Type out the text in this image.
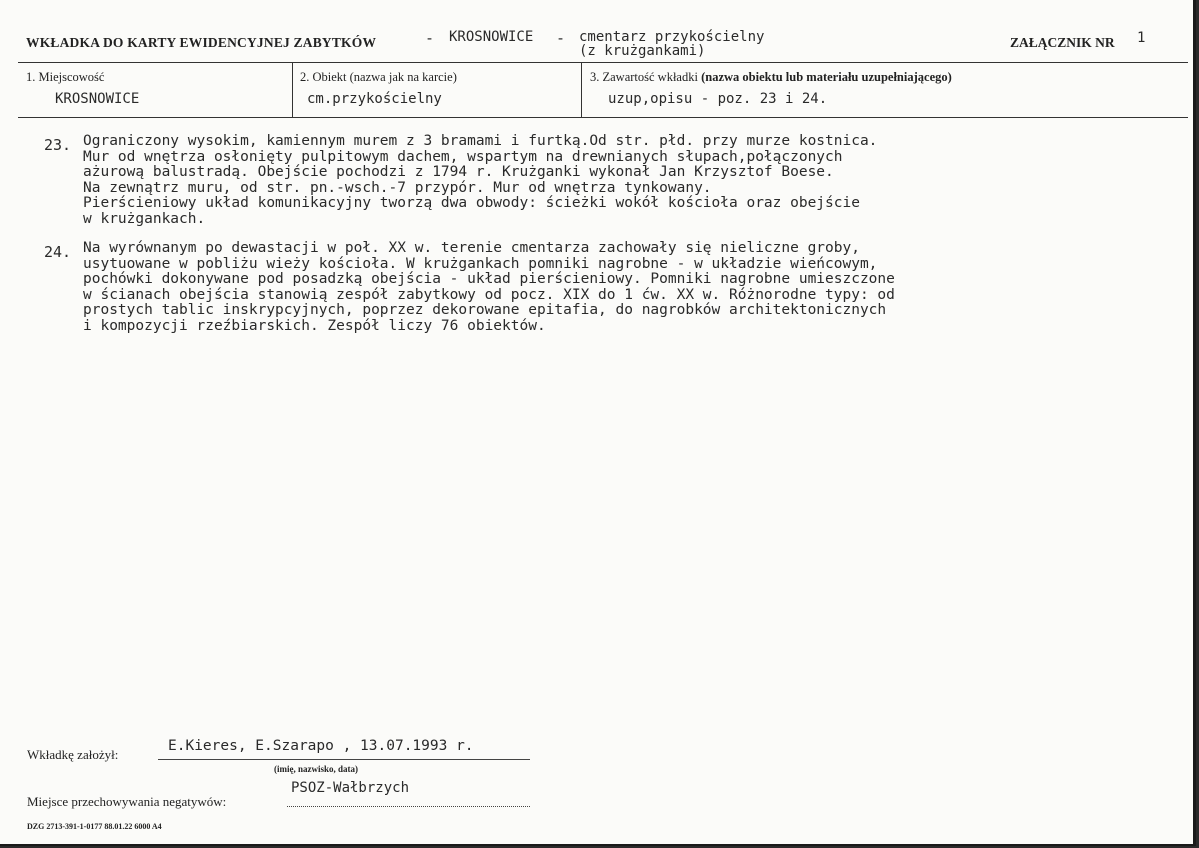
WKŁADKA DO KARTY EWIDENCYJNEJ ZABYTKÓW	- KROSNOWICE - cmentarz przykościelny
(z krużgankami)
ZAŁĄCZNIK NR 1
1. Miejscowość
KROSNOWICE
2. Obiekt (nazwa jak na karcie)
cm.przykościelny
3. Zawartość wkładki (nazwa obiektu lub materiału uzupełniającego)
uzup,opisu - poz. 23 i 24.
23. Ograniczony wysokim, kamiennym murem z 3 bramami i furtką.Od str. płd. przy murze kostnica.
Mur od wnętrza osłonięty pulpitowym dachem, wspartym na drewnianych słupach,połączonych
ażurową balustradą. Obejście pochodzi z 1794 r. Krużganki wykonał Jan Krzysztof Boese.
Na zewnątrz muru, od str. pn.-wsch.-7 przypór. Mur od wnętrza tynkowany.
Pierścieniowy układ komunikacyjny tworzą dwa obwody: ścieżki wokół kościoła oraz obejście
w krużgankach.
24. Na wyrównanym po dewastacji w poł. XX w. terenie cmentarza zachowały się nieliczne groby,
usytuowane w pobliżu wieży kościoła. W krużgankach pomniki nagrobne - w układzie wieńcowym,
pochówki dokonywane pod posadzką obejścia - układ pierścieniowy. Pomniki nagrobne umieszczone
w ścianach obejścia stanowią zespół zabytkowy od pocz. XIX do 1 ćw. XX w. Różnorodne typy: od
prostych tablic inskrypcyjnych, poprzez dekorowane epitafia, do nagrobków architektonicznych
i kompozycji rzeźbiarskich. Zespół liczy 76 obiektów.
Wkładkę założył:
E.Kieres, E.Szarapo , 13.07.1993 r.
(imię, nazwisko, data)
Miejsce przechowywania negatywów:
PSOZ-Wałbrzych
DZG 2713-391-1-0177 88.01.22 6000 A4
